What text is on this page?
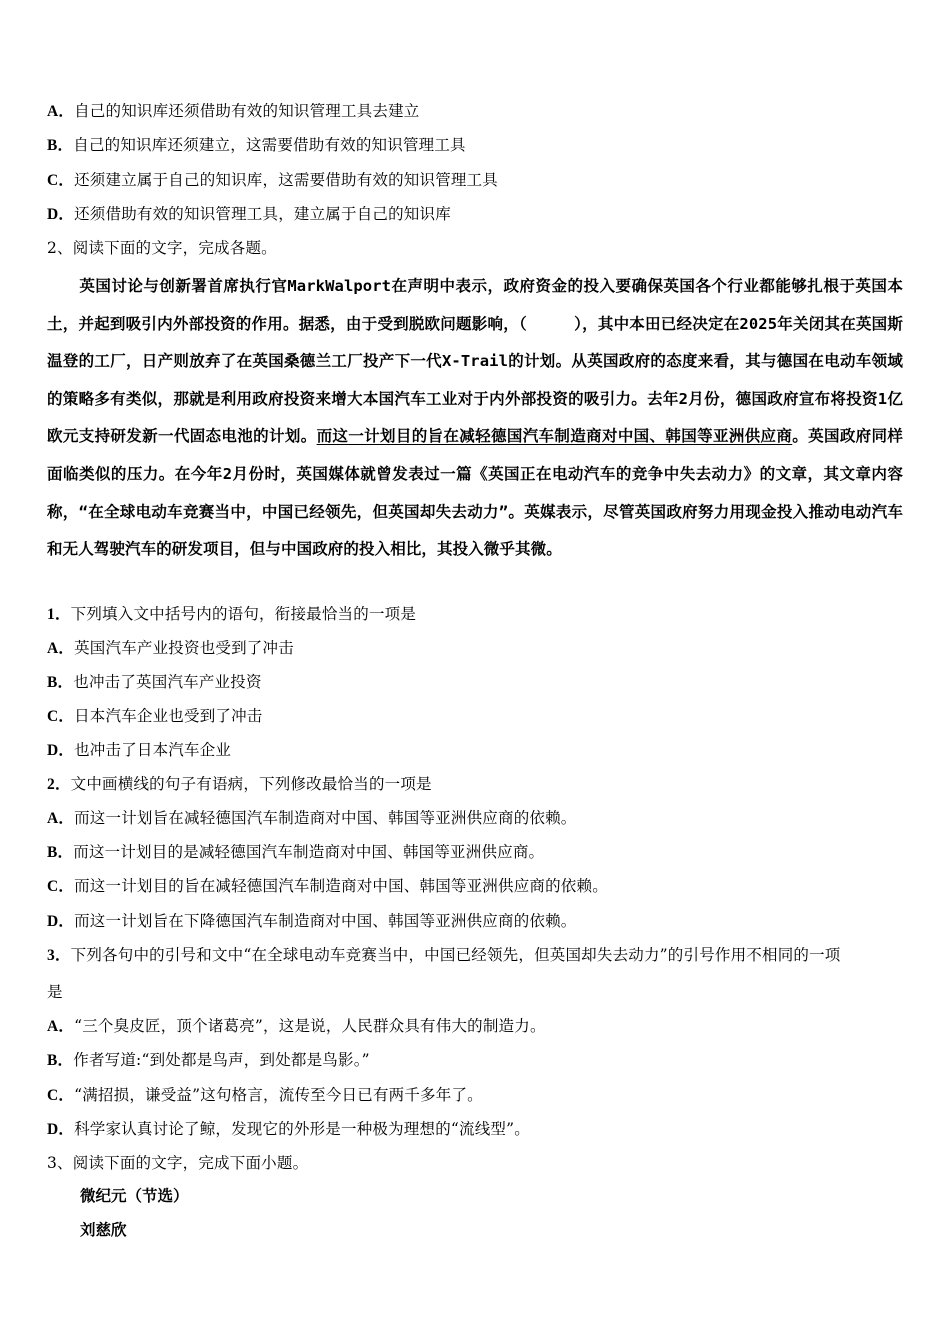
A．自己的知识库还须借助有效的知识管理工具去建立
B．自己的知识库还须建立，这需要借助有效的知识管理工具
C．还须建立属于自己的知识库，这需要借助有效的知识管理工具
D．还须借助有效的知识管理工具，建立属于自己的知识库
2、阅读下面的文字，完成各题。
英国讨论与创新署首席执行官MarkWalport在声明中表示，政府资金的投入要确保英国各个行业都能够扎根于英国本土，并起到吸引内外部投资的作用。据悉，由于受到脱欧问题影响，（　　　），其中本田已经决定在2025年关闭其在英国斯温登的工厂，日产则放弃了在英国桑德兰工厂投产下一代X-Trail的计划。从英国政府的态度来看，其与德国在电动车领域的策略多有类似，那就是利用政府投资来增大本国汽车工业对于内外部投资的吸引力。去年2月份，德国政府宣布将投资1亿欧元支持研发新一代固态电池的计划。而这一计划目的旨在减轻德国汽车制造商对中国、韩国等亚洲供应商。英国政府同样面临类似的压力。在今年2月份时，英国媒体就曾发表过一篇《英国正在电动汽车的竞争中失去动力》的文章，其文章内容称，“在全球电动车竞赛当中，中国已经领先，但英国却失去动力”。英媒表示，尽管英国政府努力用现金投入推动电动汽车和无人驾驶汽车的研发项目，但与中国政府的投入相比，其投入微乎其微。
1．下列填入文中括号内的语句，衔接最恰当的一项是
A．英国汽车产业投资也受到了冲击
B．也冲击了英国汽车产业投资
C．日本汽车企业也受到了冲击
D．也冲击了日本汽车企业
2．文中画横线的句子有语病，下列修改最恰当的一项是
A．而这一计划旨在减轻德国汽车制造商对中国、韩国等亚洲供应商的依赖。
B．而这一计划目的是减轻德国汽车制造商对中国、韩国等亚洲供应商。
C．而这一计划目的旨在减轻德国汽车制造商对中国、韩国等亚洲供应商的依赖。
D．而这一计划旨在下降德国汽车制造商对中国、韩国等亚洲供应商的依赖。
3．下列各句中的引号和文中“在全球电动车竞赛当中，中国已经领先，但英国却失去动力”的引号作用不相同的一项
是
A．“三个臭皮匠，顶个诸葛亮”，这是说，人民群众具有伟大的制造力。
B．作者写道:“到处都是鸟声，到处都是鸟影。”
C．“满招损，谦受益”这句格言，流传至今日已有两千多年了。
D．科学家认真讨论了鲸，发现它的外形是一种极为理想的“流线型”。
3、阅读下面的文字，完成下面小题。
微纪元（节选）
刘慈欣
